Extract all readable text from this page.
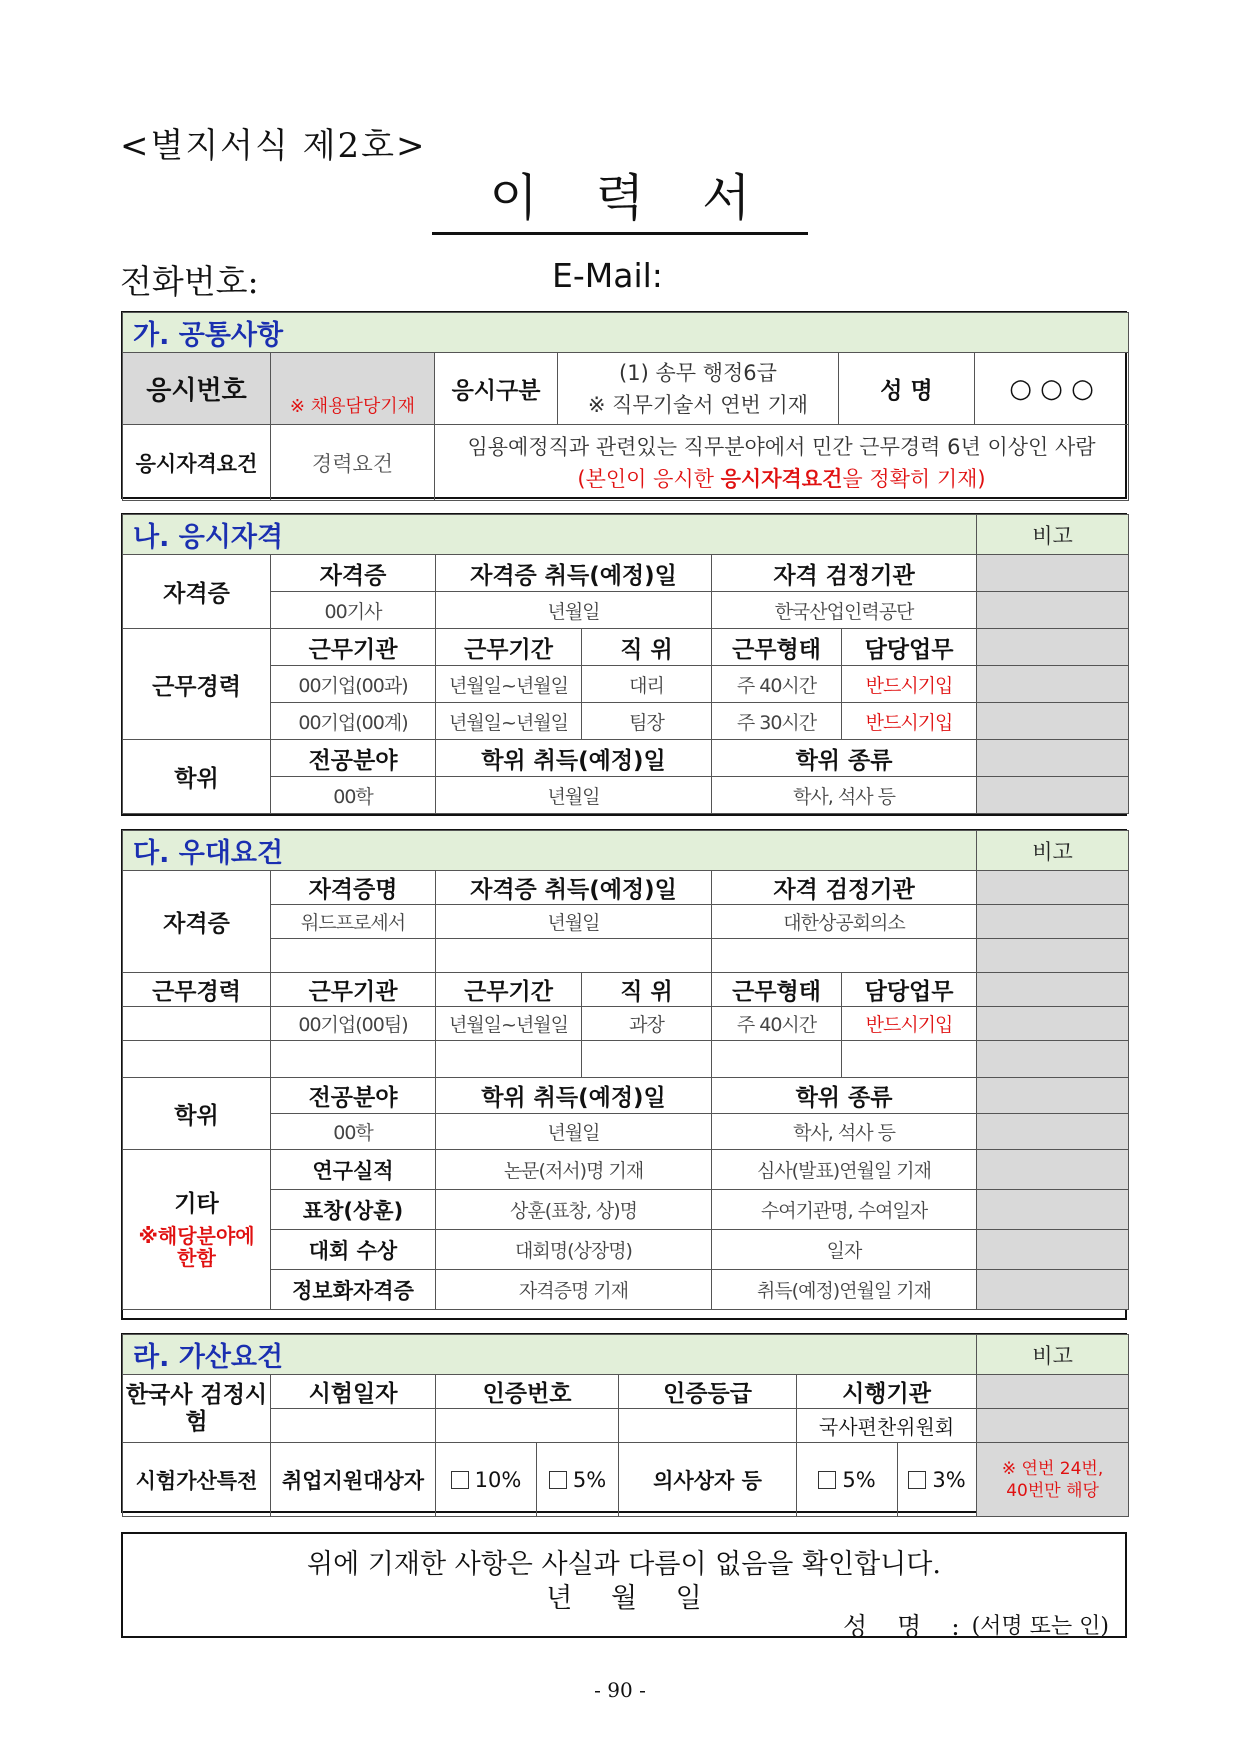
<별지서식 제2호>
이력서
전화번호:	E-Mail:
가. 공통사항					
응시번호	※ 채용담당기재	응시구분	(1) 송무 행정6급
※ 직무기술서 연번 기재	성 명	○ ○ ○
응시자격요건	경력요건	임용예정직과 관련있는 직무분야에서 민간 근무경력 6년 이상인 사람
(본인이 응시한 응시자격요건을 정확히 기재)			
나. 응시자격						비고
자격증	자격증	자격증 취득(예정)일		자격 검정기관		
	00기사	년월일		한국산업인력공단		
근무경력	근무기관	근무기간	직 위	근무형태	담당업무	
	00기업(00과)	년월일~년월일	대리	주 40시간	반드시기입	
	00기업(00계)	년월일~년월일	팀장	주 30시간	반드시기입	
학위	전공분야	학위 취득(예정)일		학위 종류		
	00학	년월일		학사, 석사 등		
다. 우대요건						비고
자격증	자격증명	자격증 취득(예정)일		자격 검정기관		
	워드프로세서	년월일		대한상공회의소		

근무경력	근무기관	근무기간	직 위	근무형태	담당업무	
	00기업(00팀)	년월일~년월일	과장	주 40시간	반드시기입	

학위	전공분야	학위 취득(예정)일		학위 종류		
	00학	년월일		학사, 석사 등		

기타
※해당분야에 한함	연구실적	논문(저서)명 기재		심사(발표)연월일 기재		
	표창(상훈)	상훈(표창, 상)명		수여기관명, 수여일자		
	대회 수상	대회명(상장명)		일자		
	정보화자격증	자격증명 기재		취득(예정)연월일 기재		
라. 가산요건							비고
한국사 검정시험	시험일자	인증번호		인증등급	시행기관		
					국사편찬위원회		
시험가산특전	취업지원대상자	10%	5%	의사상자 등	5%	3%	※ 연번 24번, 40번만 해당
위에 기재한 사항은 사실과 다름이 없음을 확인합니다.
년 월 일
성 명 : (서명 또는 인)
- 90 -
